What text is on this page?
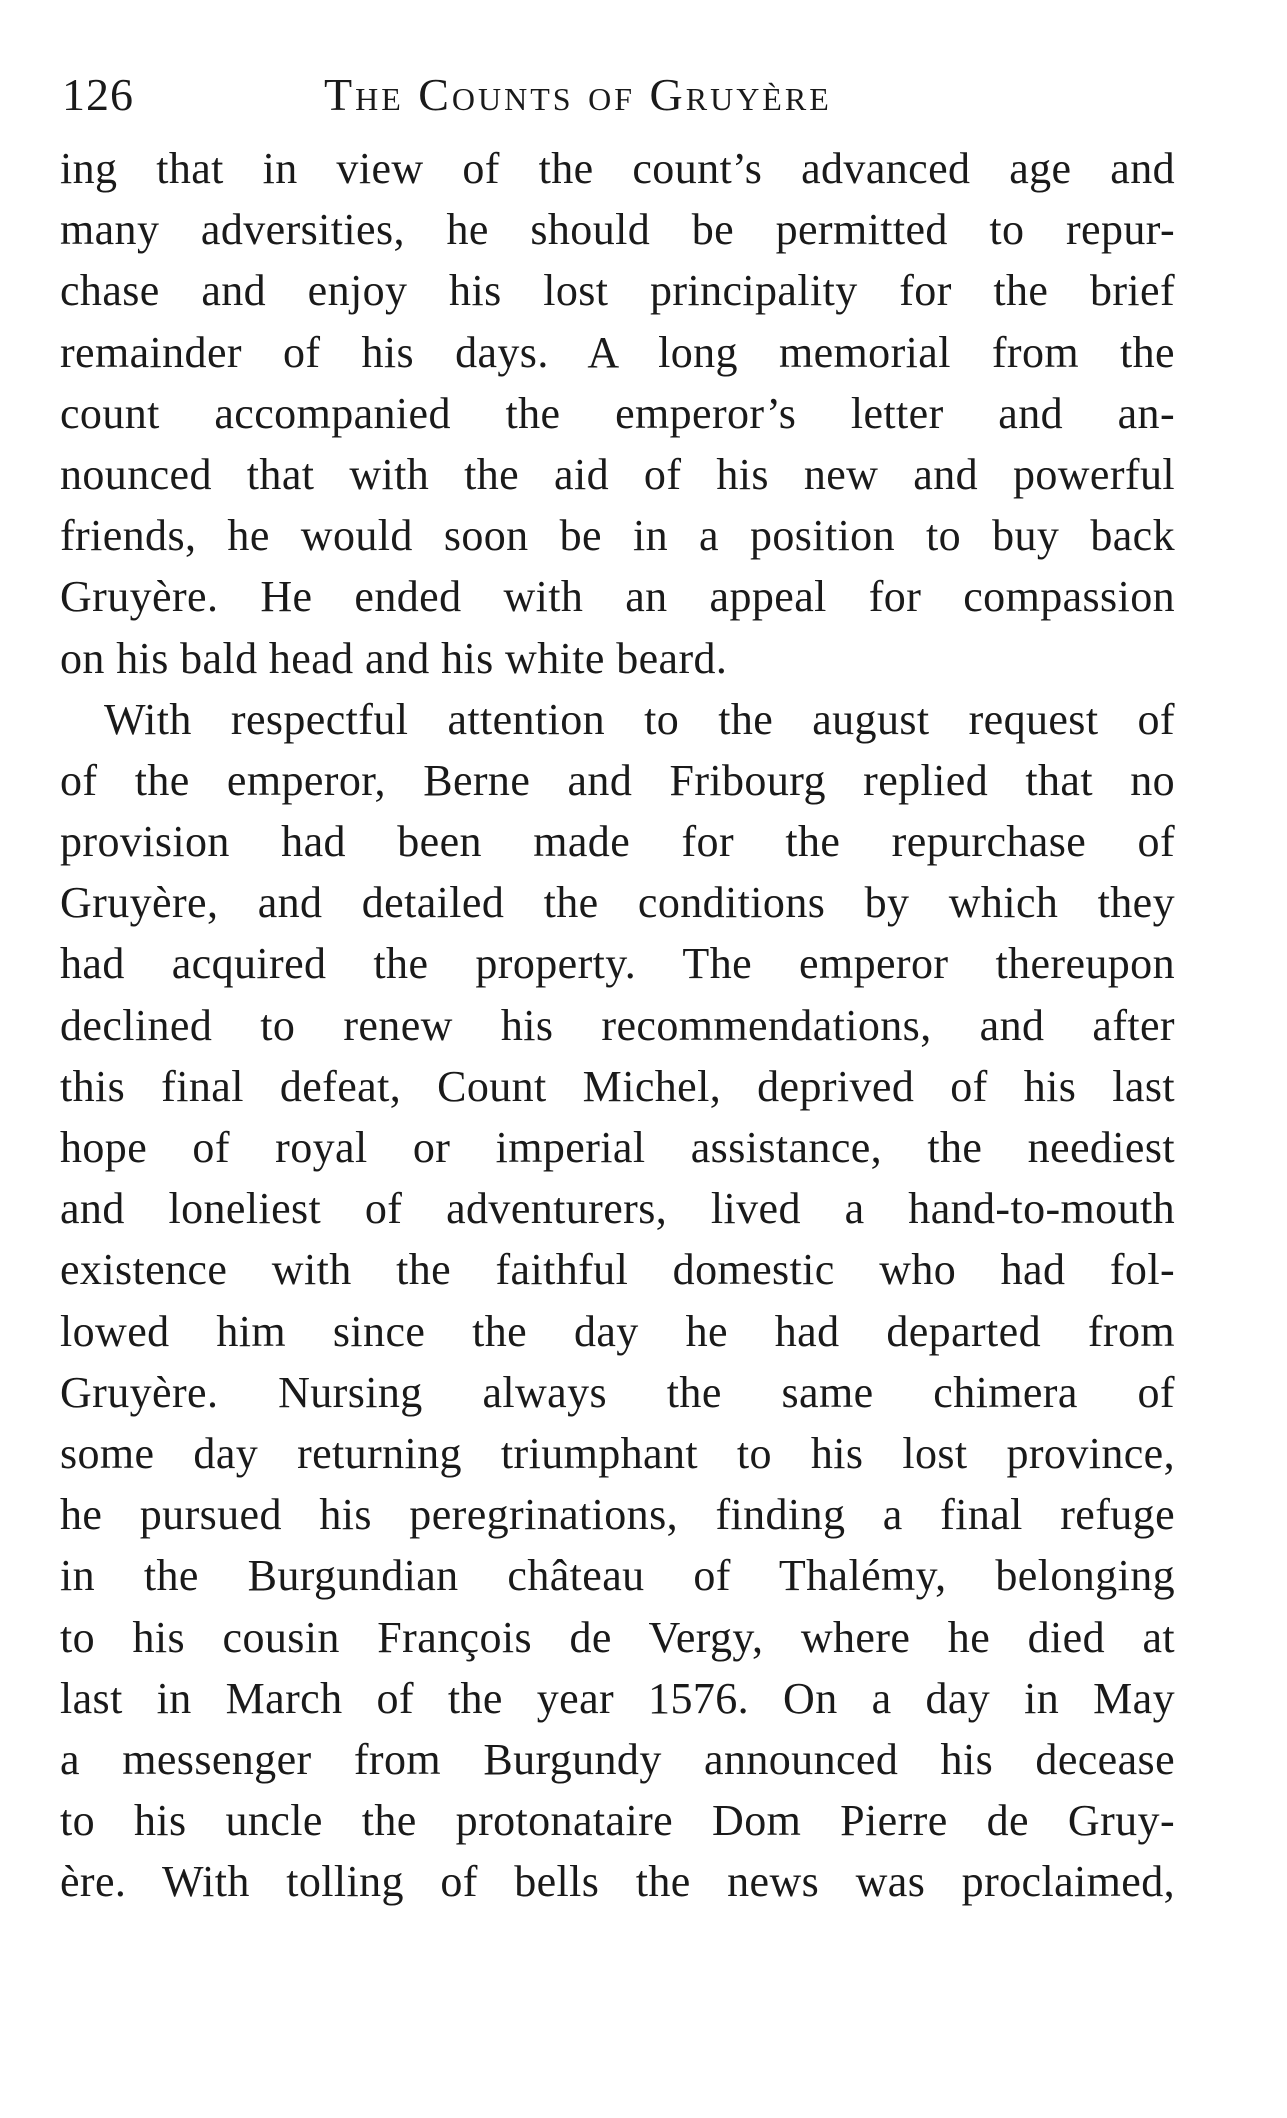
126	The Counts of Gruyère
ing that in view of the count’s advanced age and
many adversities, he should be permitted to repur-
chase and enjoy his lost principality for the brief
remainder of his days. A long memorial from the
count accompanied the emperor’s letter and an-
nounced that with the aid of his new and powerful
friends, he would soon be in a position to buy back
Gruyère. He ended with an appeal for compassion
on his bald head and his white beard.
With respectful attention to the august request of
of the emperor, Berne and Fribourg replied that no
provision had been made for the repurchase of
Gruyère, and detailed the conditions by which they
had acquired the property. The emperor thereupon
declined to renew his recommendations, and after
this final defeat, Count Michel, deprived of his last
hope of royal or imperial assistance, the neediest
and loneliest of adventurers, lived a hand-to-mouth
existence with the faithful domestic who had fol-
lowed him since the day he had departed from
Gruyère. Nursing always the same chimera of
some day returning triumphant to his lost province,
he pursued his peregrinations, finding a final refuge
in the Burgundian château of Thalémy, belonging
to his cousin François de Vergy, where he died at
last in March of the year 1576. On a day in May
a messenger from Burgundy announced his decease
to his uncle the protonataire Dom Pierre de Gruy-
ère. With tolling of bells the news was proclaimed,
